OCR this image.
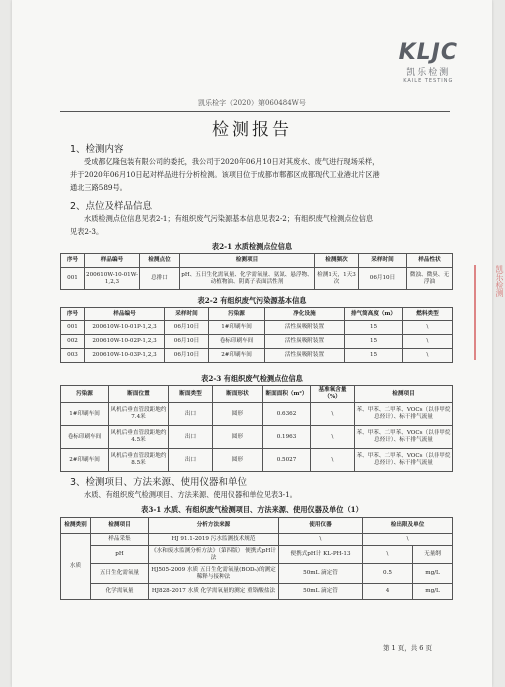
KLJC
凯乐检测
KAILE TESTING
凯乐检字（2020）第060484W号
检测报告
1、检测内容
受成都亿隆包装有限公司的委托，我公司于2020年06月10日对其废水、废气进行现场采样，
并于2020年06月10日起对样品进行分析检测。该项目位于成都市郫都区成都现代工业港北片区港
通北三路589号。
2、点位及样品信息
水质检测点位信息见表2-1；有组织废气污染源基本信息见表2-2；有组织废气检测点位信息
见表2-3。
表2-1 水质检测点位信息
序号	样品编号	检测点位	检测项目	检测频次	采样时间	样品性状
001	200610W-10-01W-1,2,3	总排口	pH、五日生化需氧量、化学需氧量、氨氮、悬浮物、动植物油、阴离子表面活性剂	检测1天，1天3次	06月10日	微浊、微臭、无浮油
表2-2 有组织废气污染源基本信息
序号	样品编号	采样时间	污染源	净化设施	排气筒高度（m）	燃料类型
001	200610W-10-01P-1,2,3	06月10日	1#印刷车间	活性炭吸附装置	15	\
002	200610W-10-02P-1,2,3	06月10日	卷标印刷车间	活性炭吸附装置	15	\
003	200610W-10-03P-1,2,3	06月10日	2#印刷车间	活性炭吸附装置	15	\
表2-3 有组织废气检测点位信息
污染源	断面位置	断面类型	断面形状	断面面积（m²）	基准氧含量（%）	检测项目
1#印刷车间	风机后垂直管段距地约7.4米	出口	圆形	0.6362	\	苯、甲苯、二甲苯、VOCs（以非甲烷总烃计）、标干排气流量
卷标印刷车间	风机后垂直管段距地约4.5米	出口	圆形	0.1963	\	苯、甲苯、二甲苯、VOCs（以非甲烷总烃计）、标干排气流量
2#印刷车间	风机后垂直管段距地约8.5米	出口	圆形	0.5027	\	苯、甲苯、二甲苯、VOCs（以非甲烷总烃计）、标干排气流量
3、检测项目、方法来源、使用仪器和单位
水质、有组织废气检测项目、方法来源、使用仪器和单位见表3-1。
表3-1 水质、有组织废气检测项目、方法来源、使用仪器及单位（1）
检测类别	检测项目	分析方法来源	使用仪器	检出限及单位	
水质	样品采集	HJ 91.1-2019 污水监测技术规范	\	\	
	pH	《水和废水监测分析方法》（第四版） 便携式pH计法	便携式pH计 KL-PH-13	\	无量纲
	五日生化需氧量	HJ505-2009 水质 五日生化需氧量(BOD₅)的测定 稀释与接种法	50mL 滴定管	0.5	mg/L
	化学需氧量	HJ828-2017 水质 化学需氧量的测定 重铬酸盐法	50mL 滴定管	4	mg/L
第 1 页，共 6 页
凯乐检测
